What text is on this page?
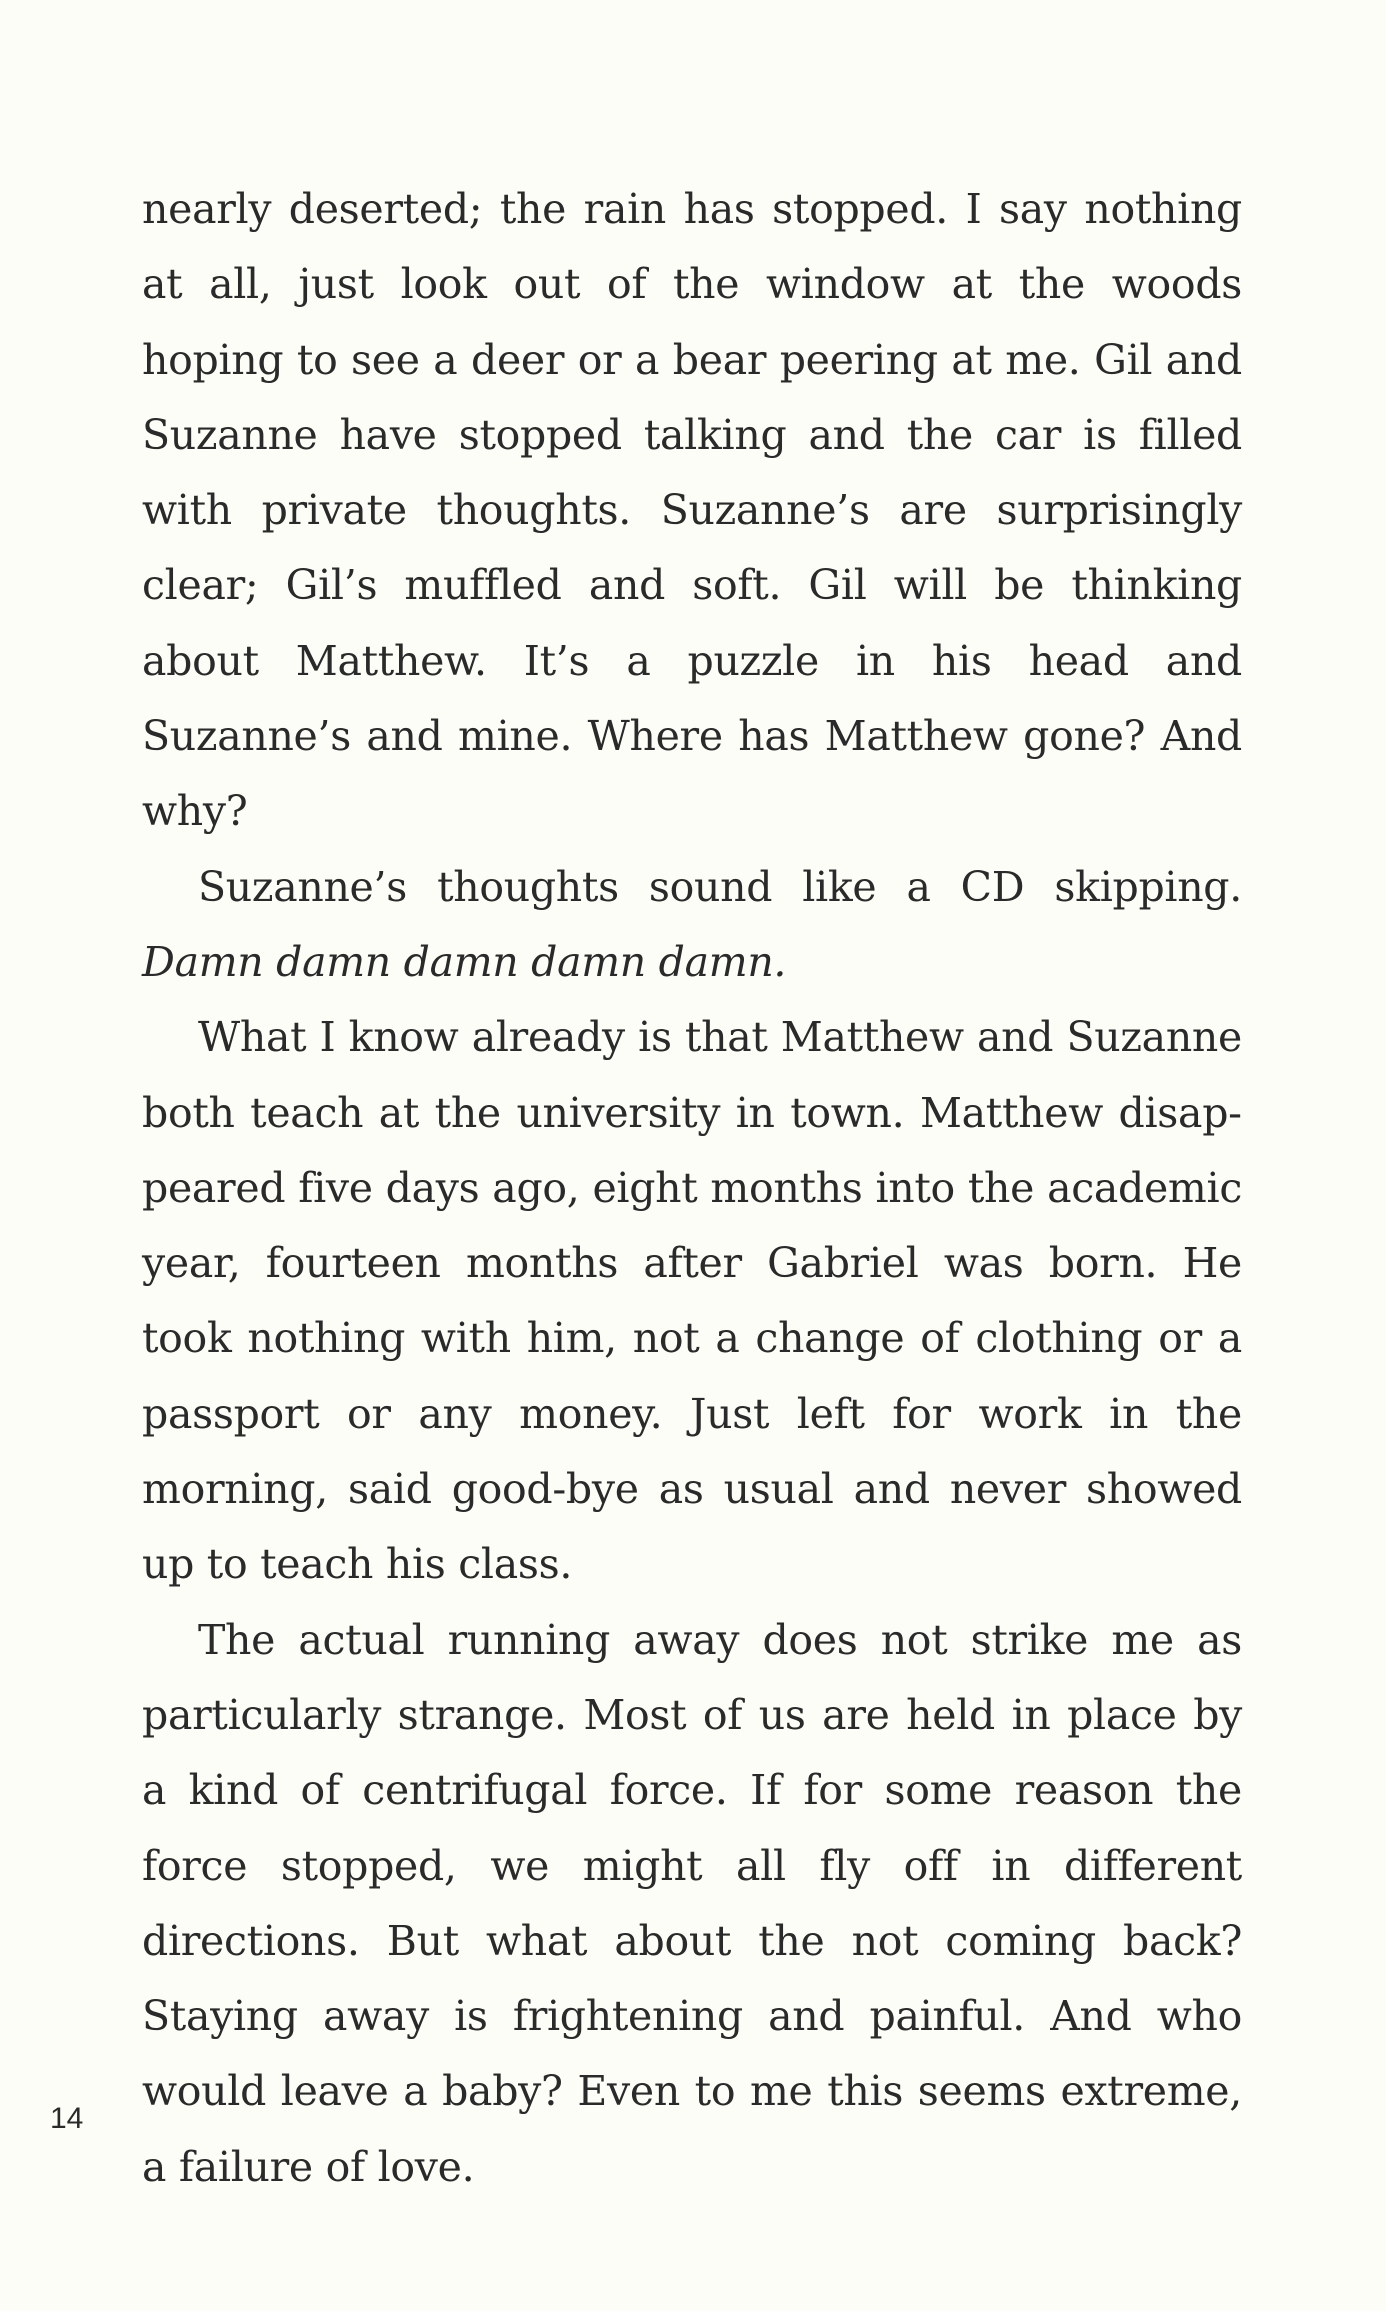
nearly deserted; the rain has stopped. I say nothing at all, just look out of the window at the woods hoping to see a deer or a bear peering at me. Gil and Suzanne have stopped talking and the car is filled with private thoughts. Suzanne’s are surprisingly clear; Gil’s muffled and soft. Gil will be thinking about Matthew. It’s a puzzle in his head and Suzanne’s and mine. Where has Matthew gone? And why?

Suzanne’s thoughts sound like a CD skipping. Damn damn damn damn damn.

What I know already is that Matthew and Suzanne both teach at the university in town. Matthew disappeared five days ago, eight months into the academic year, fourteen months after Gabriel was born. He took nothing with him, not a change of clothing or a passport or any money. Just left for work in the morning, said good-bye as usual and never showed up to teach his class.

The actual running away does not strike me as particularly strange. Most of us are held in place by a kind of centrifugal force. If for some reason the force stopped, we might all fly off in different directions. But what about the not coming back? Staying away is frightening and painful. And who would leave a baby? Even to me this seems extreme, a failure of love.

14
